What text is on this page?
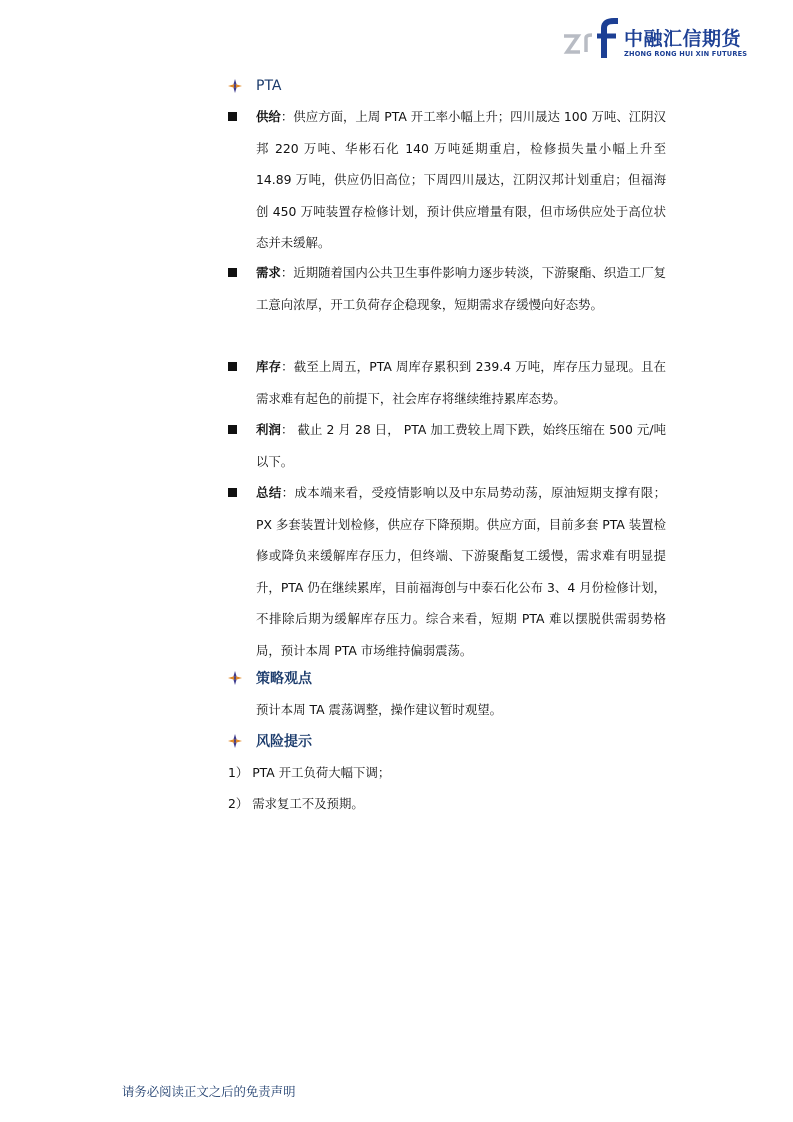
中融汇信期货
ZHONG RONG HUI XIN FUTURES
PTA
供给：供应方面，上周 PTA 开工率小幅上升；四川晟达 100 万吨、江阴汉邦 220 万吨、华彬石化 140 万吨延期重启，检修损失量小幅上升至 14.89 万吨，供应仍旧高位；下周四川晟达，江阴汉邦计划重启；但福海创 450 万吨装置存检修计划，预计供应增量有限，但市场供应处于高位状态并未缓解。
需求：近期随着国内公共卫生事件影响力逐步转淡，下游聚酯、织造工厂复工意向浓厚，开工负荷存企稳现象，短期需求存缓慢向好态势。
库存：截至上周五，PTA 周库存累积到 239.4 万吨，库存压力显现。且在需求难有起色的前提下，社会库存将继续维持累库态势。
利润： 截止 2 月 28 日， PTA 加工费较上周下跌，始终压缩在 500 元/吨以下。
总结：成本端来看，受疫情影响以及中东局势动荡，原油短期支撑有限；PX 多套装置计划检修，供应存下降预期。供应方面，目前多套 PTA 装置检修或降负来缓解库存压力，但终端、下游聚酯复工缓慢，需求难有明显提升，PTA 仍在继续累库，目前福海创与中泰石化公布 3、4 月份检修计划，不排除后期为缓解库存压力。综合来看，短期 PTA 难以摆脱供需弱势格局，预计本周 PTA 市场维持偏弱震荡。
策略观点
预计本周 TA 震荡调整，操作建议暂时观望。
风险提示
1） PTA 开工负荷大幅下调；
2） 需求复工不及预期。
请务必阅读正文之后的免责声明
